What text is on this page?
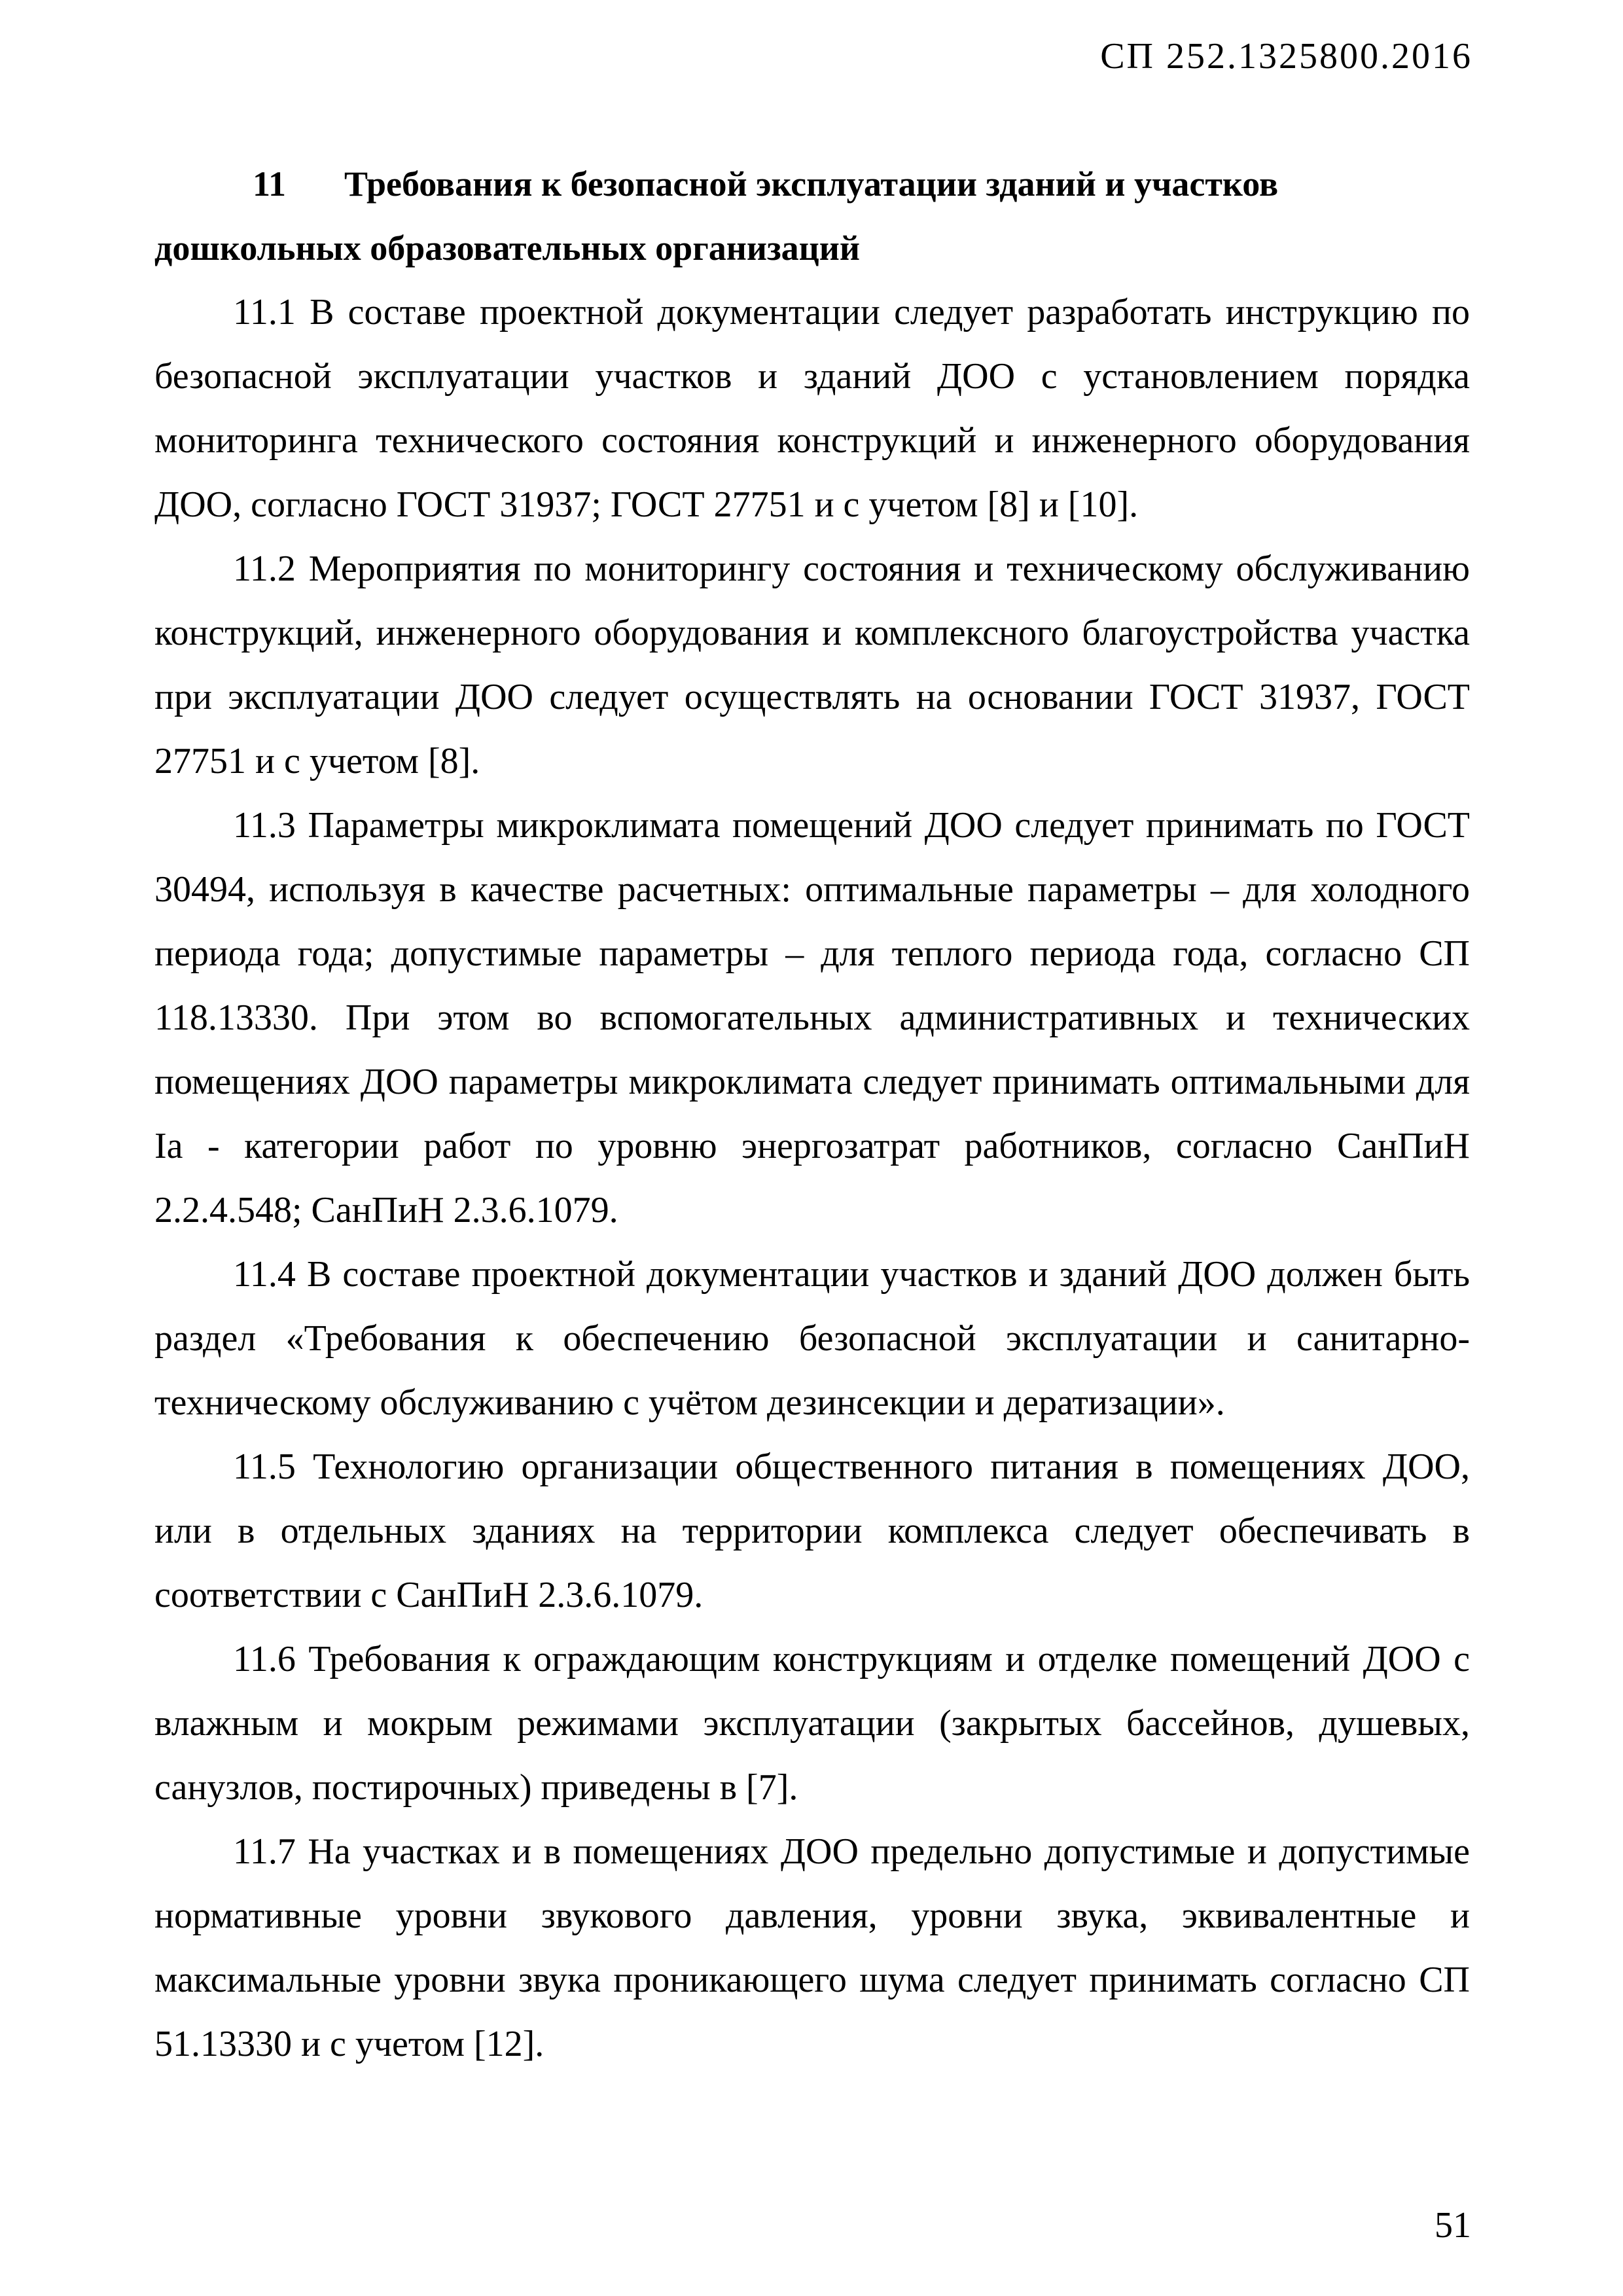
СП 252.1325800.2016
11 Требования к безопасной эксплуатации зданий и участков дошкольных образовательных организаций

11.1 В составе проектной документации следует разработать инструкцию по безопасной эксплуатации участков и зданий ДОО с установлением порядка мониторинга технического состояния конструкций и инженерного оборудования ДОО, согласно ГОСТ 31937; ГОСТ 27751 и с учетом [8] и [10].

11.2 Мероприятия по мониторингу состояния и техническому обслуживанию конструкций, инженерного оборудования и комплексного благоустройства участка при эксплуатации ДОО следует осуществлять на основании ГОСТ 31937, ГОСТ 27751 и с учетом [8].

11.3 Параметры микроклимата помещений ДОО следует принимать по ГОСТ 30494, используя в качестве расчетных: оптимальные параметры – для холодного периода года; допустимые параметры – для теплого периода года, согласно СП 118.13330. При этом во вспомогательных административных и технических помещениях ДОО параметры микроклимата следует принимать оптимальными для Iа - категории работ по уровню энергозатрат работников, согласно СанПиН 2.2.4.548; СанПиН 2.3.6.1079.

11.4 В составе проектной документации участков и зданий ДОО должен быть раздел «Требования к обеспечению безопасной эксплуатации и санитарно-техническому обслуживанию с учётом дезинсекции и дератизации».

11.5 Технологию организации общественного питания в помещениях ДОО, или в отдельных зданиях на территории комплекса следует обеспечивать в соответствии с СанПиН 2.3.6.1079.

11.6 Требования к ограждающим конструкциям и отделке помещений ДОО с влажным и мокрым режимами эксплуатации (закрытых бассейнов, душевых, санузлов, постирочных) приведены в [7].

11.7 На участках и в помещениях ДОО предельно допустимые и допустимые нормативные уровни звукового давления, уровни звука, эквивалентные и максимальные уровни звука проникающего шума следует принимать согласно СП 51.13330 и с учетом [12].

51
